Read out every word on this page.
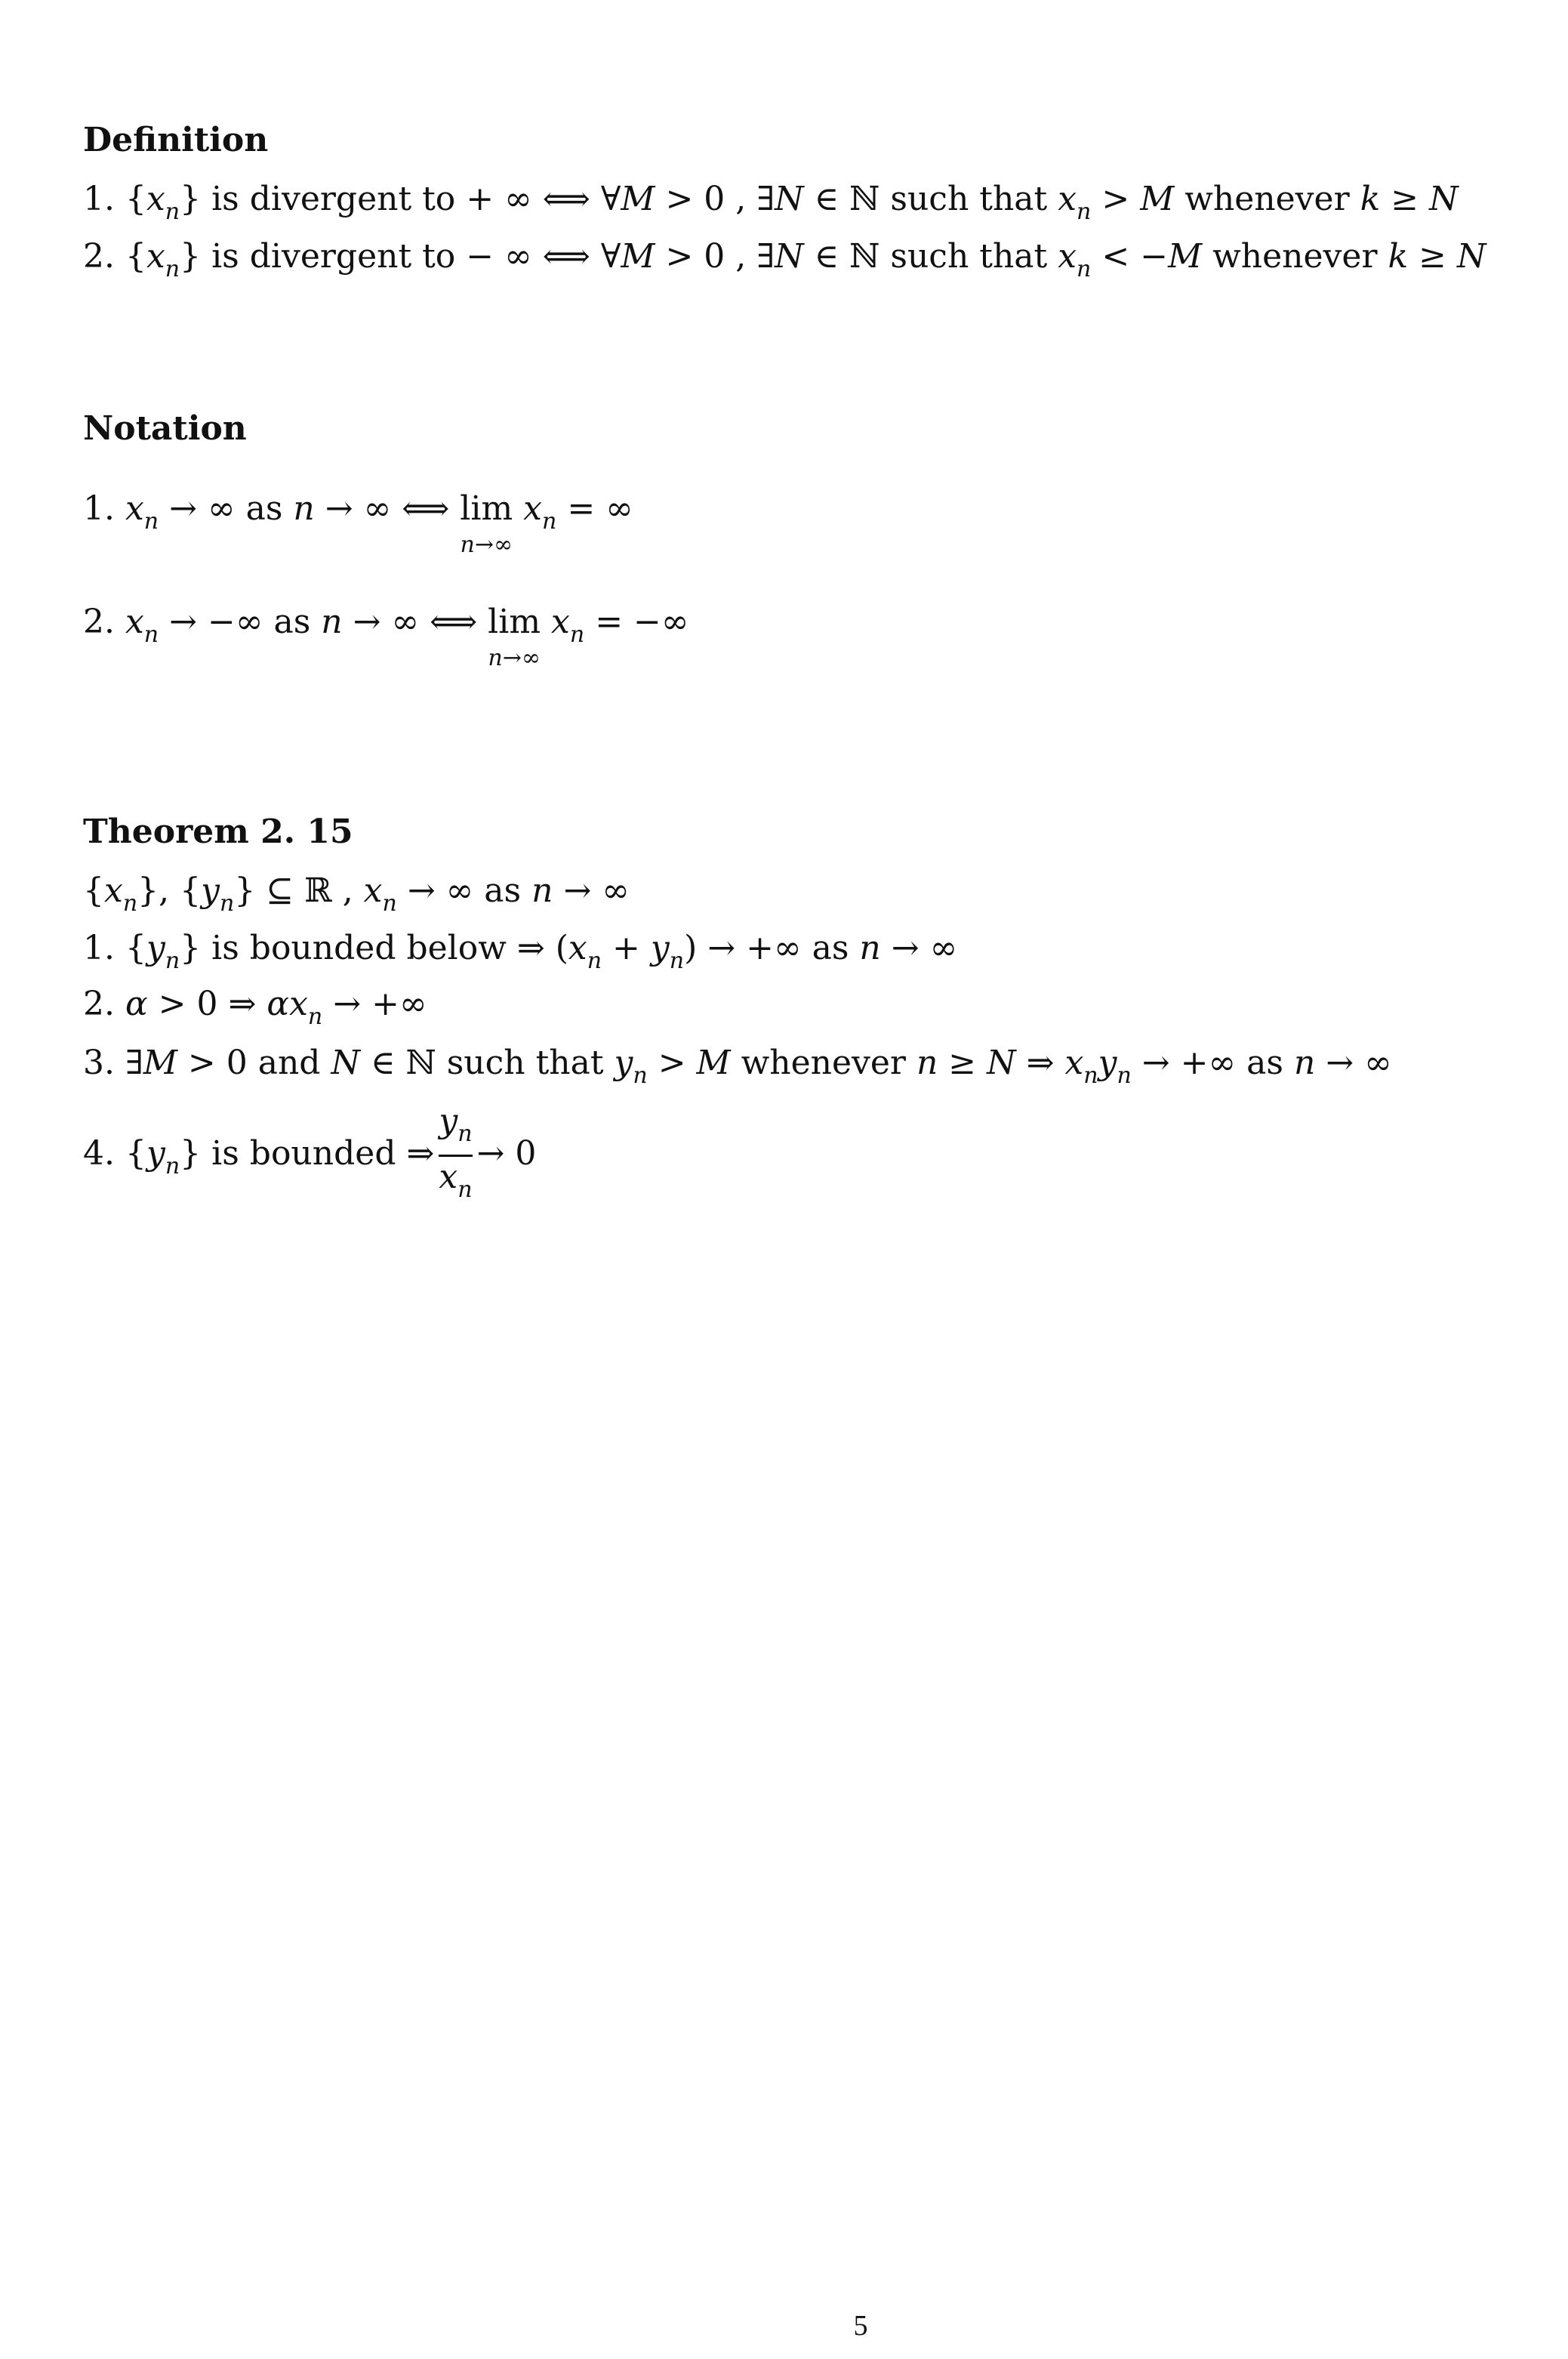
Definition
1. $\{x_n\}$ is divergent to + ∞ ⟺ ∀M > 0 , ∃N ∈ ℕ such that $x_n > M$ whenever k ≥ N
2. $\{x_n\}$ is divergent to − ∞ ⟺ ∀M > 0 , ∃N ∈ ℕ such that $x_n < -M$ whenever k ≥ N
Notation
1. $x_n$ → ∞ as n → ∞ ⟺ lim
n→∞
$x_n$ = ∞
2. $x_n$ → −∞ as n → ∞ ⟺ lim
n→∞
$x_n$ = −∞
Theorem 2. 15
$\{x_n\}$, $\{y_n\}$ ⊆ ℝ , $x_n$ → ∞ as n → ∞
1. $\{y_n\}$ is bounded below ⇒ $(x_n + y_n)$ → +∞ as n → ∞
2. α > 0 ⇒ $\alpha x_n$ → +∞
3. ∃M > 0 and N ∈ ℕ such that $y_n > M$ whenever n ≥ N ⇒ $x_ny_n$ → +∞ as n → ∞
4. $\{y_n\}$ is bounded ⇒ $\frac{y_n}{x_n} \to 0$
5
